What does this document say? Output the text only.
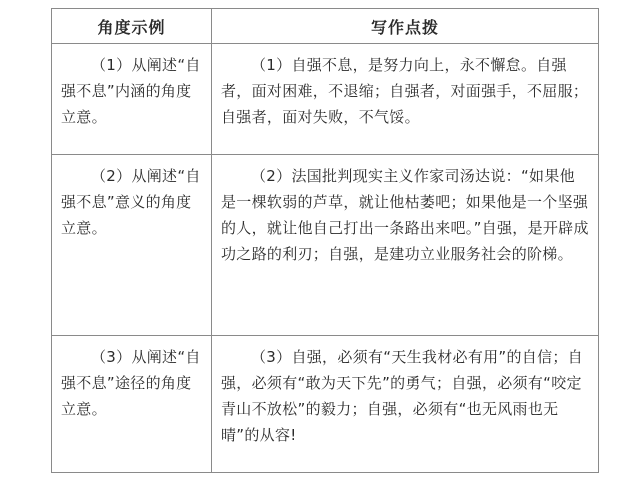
角度示例	写作点拨

（1）从阐述“自强不息”内涵的角度立意。	（1）自强不息，是努力向上，永不懈怠。自强者，面对困难，不退缩；自强者，对面强手，不屈服；自强者，面对失败，不气馁。

（2）从阐述“自强不息”意义的角度立意。	（2）法国批判现实主义作家司汤达说：“如果他是一棵软弱的芦草，就让他枯萎吧；如果他是一个坚强的人，就让他自己打出一条路出来吧。”自强，是开辟成功之路的利刃；自强，是建功立业服务社会的阶梯。

（3）从阐述“自强不息”途径的角度立意。	（3）自强，必须有“天生我材必有用”的自信；自强，必须有“敢为天下先”的勇气；自强，必须有“咬定青山不放松”的毅力；自强，必须有“也无风雨也无晴”的从容!
